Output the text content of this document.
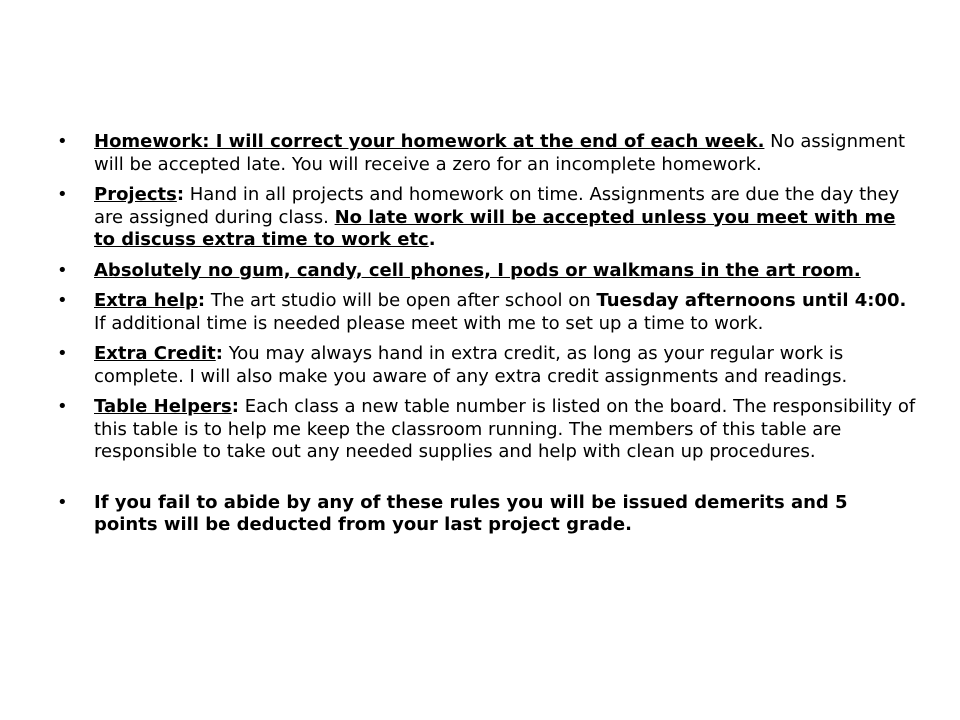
• Homework: I will correct your homework at the end of each week. No assignment will be accepted late. You will receive a zero for an incomplete homework.
• Projects: Hand in all projects and homework on time. Assignments are due the day they are assigned during class. No late work will be accepted unless you meet with me to discuss extra time to work etc.
• Absolutely no gum, candy, cell phones, I pods or walkmans in the art room.
• Extra help: The art studio will be open after school on Tuesday afternoons until 4:00. If additional time is needed please meet with me to set up a time to work.
• Extra Credit: You may always hand in extra credit, as long as your regular work is complete. I will also make you aware of any extra credit assignments and readings.
• Table Helpers: Each class a new table number is listed on the board. The responsibility of this table is to help me keep the classroom running. The members of this table are responsible to take out any needed supplies and help with clean up procedures.
• If you fail to abide by any of these rules you will be issued demerits and 5 points will be deducted from your last project grade.
